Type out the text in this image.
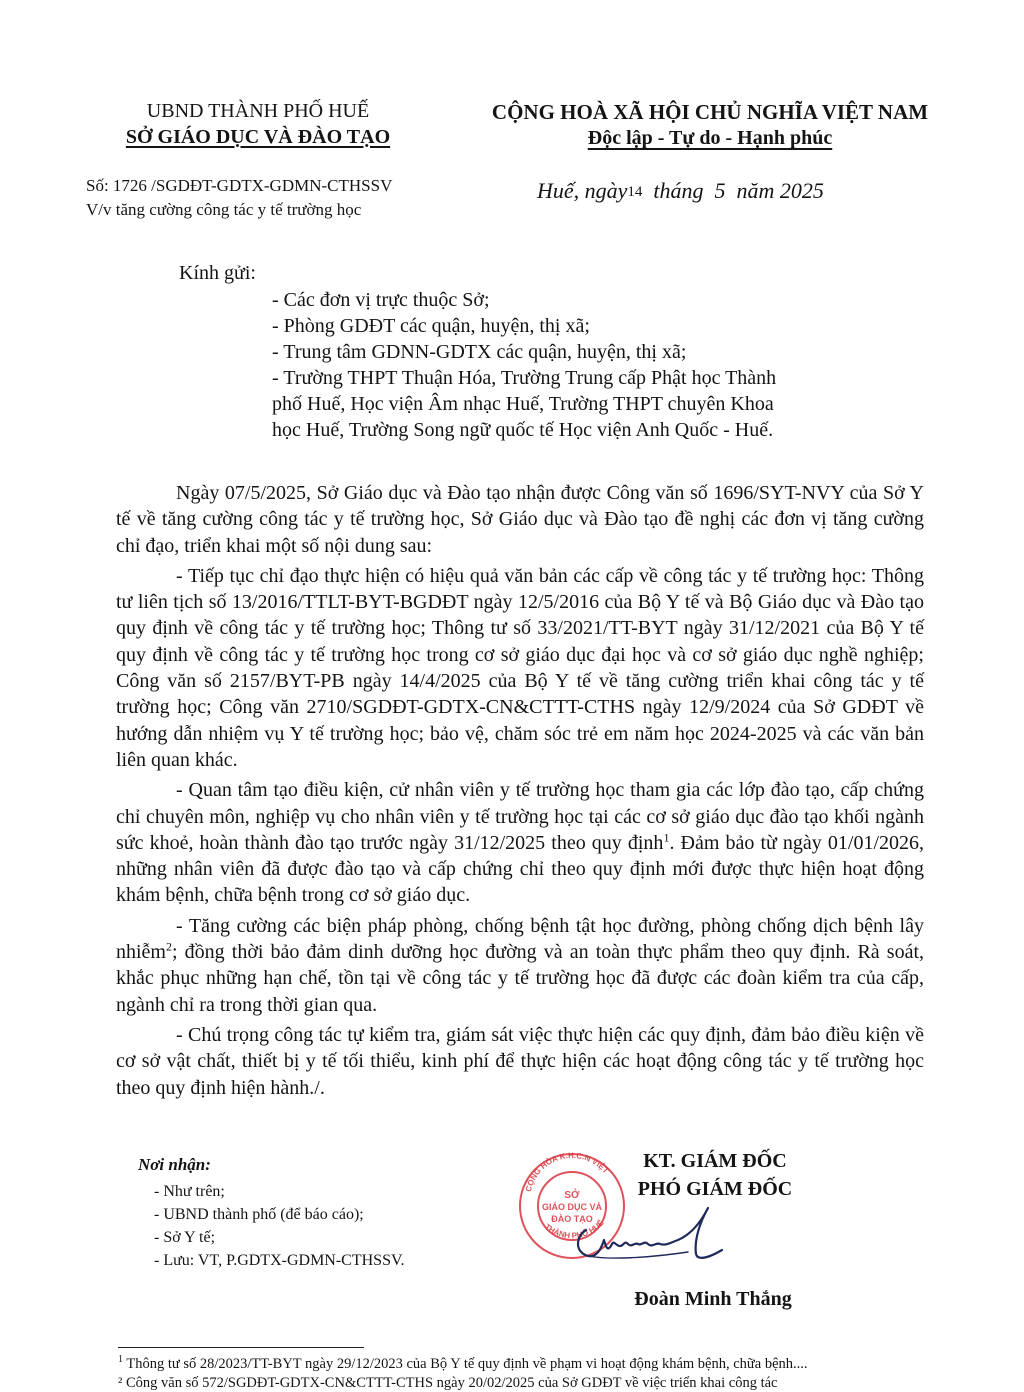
UBND THÀNH PHỐ HUẾ
SỞ GIÁO DỤC VÀ ĐÀO TẠO
CỘNG HOÀ XÃ HỘI CHỦ NGHĨA VIỆT NAM
Độc lập - Tự do - Hạnh phúc
Số: 1726 /SGDĐT-GDTX-GDMN-CTHSSV
V/v tăng cường công tác y tế trường học
Huế, ngày14  tháng  5  năm 2025
Kính gửi:
- Các đơn vị trực thuộc Sở;
- Phòng GDĐT các quận, huyện, thị xã;
- Trung tâm GDNN-GDTX các quận, huyện, thị xã;
- Trường THPT Thuận Hóa, Trường Trung cấp Phật học Thành
phố Huế, Học viện Âm nhạc Huế, Trường THPT chuyên Khoa
học Huế, Trường Song ngữ quốc tế Học viện Anh Quốc - Huế.

Ngày 07/5/2025, Sở Giáo dục và Đào tạo nhận được Công văn số 1696/SYT-NVY của Sở Y tế về tăng cường công tác y tế trường học, Sở Giáo dục và Đào tạo đề nghị các đơn vị tăng cường chỉ đạo, triển khai một số nội dung sau:

- Tiếp tục chỉ đạo thực hiện có hiệu quả văn bản các cấp về công tác y tế trường học: Thông tư liên tịch số 13/2016/TTLT-BYT-BGDĐT ngày 12/5/2016 của Bộ Y tế và Bộ Giáo dục và Đào tạo quy định về công tác y tế trường học; Thông tư số 33/2021/TT-BYT ngày 31/12/2021 của Bộ Y tế quy định về công tác y tế trường học trong cơ sở giáo dục đại học và cơ sở giáo dục nghề nghiệp; Công văn số 2157/BYT-PB ngày 14/4/2025 của Bộ Y tế về tăng cường triển khai công tác y tế trường học; Công văn 2710/SGDĐT-GDTX-CN&CTTT-CTHS ngày 12/9/2024 của Sở GDĐT về hướng dẫn nhiệm vụ Y tế trường học; bảo vệ, chăm sóc trẻ em năm học 2024-2025 và các văn bản liên quan khác.

- Quan tâm tạo điều kiện, cử nhân viên y tế trường học tham gia các lớp đào tạo, cấp chứng chỉ chuyên môn, nghiệp vụ cho nhân viên y tế trường học tại các cơ sở giáo dục đào tạo khối ngành sức khoẻ, hoàn thành đào tạo trước ngày 31/12/2025 theo quy định$^1$. Đảm bảo từ ngày 01/01/2026, những nhân viên đã được đào tạo và cấp chứng chỉ theo quy định mới được thực hiện hoạt động khám bệnh, chữa bệnh trong cơ sở giáo dục.

- Tăng cường các biện pháp phòng, chống bệnh tật học đường, phòng chống dịch bệnh lây nhiễm$^2$; đồng thời bảo đảm dinh dưỡng học đường và an toàn thực phẩm theo quy định. Rà soát, khắc phục những hạn chế, tồn tại về công tác y tế trường học đã được các đoàn kiểm tra của cấp, ngành chỉ ra trong thời gian qua.

- Chú trọng công tác tự kiểm tra, giám sát việc thực hiện các quy định, đảm bảo điều kiện về cơ sở vật chất, thiết bị y tế tối thiểu, kinh phí để thực hiện các hoạt động công tác y tế trường học theo quy định hiện hành./.

Nơi nhận:
- Như trên;
- UBND thành phố (để báo cáo);
- Sở Y tế;
- Lưu: VT, P.GDTX-GDMN-CTHSSV.
CỘNG HÒA K.H.C.N VIỆT
THÀNH PHỐ HUẾ
SỞ
GIÁO DỤC VÀ
ĐÀO TẠO
KT. GIÁM ĐỐC
PHÓ GIÁM ĐỐC
Đoàn Minh Thắng
$^1$ Thông tư số 28/2023/TT-BYT ngày 29/12/2023 của Bộ Y tế quy định về phạm vi hoạt động khám bệnh, chữa bệnh....
² Công văn số 572/SGDĐT-GDTX-CN&CTTT-CTHS ngày 20/02/2025 của Sở GDĐT về việc triển khai công tác
